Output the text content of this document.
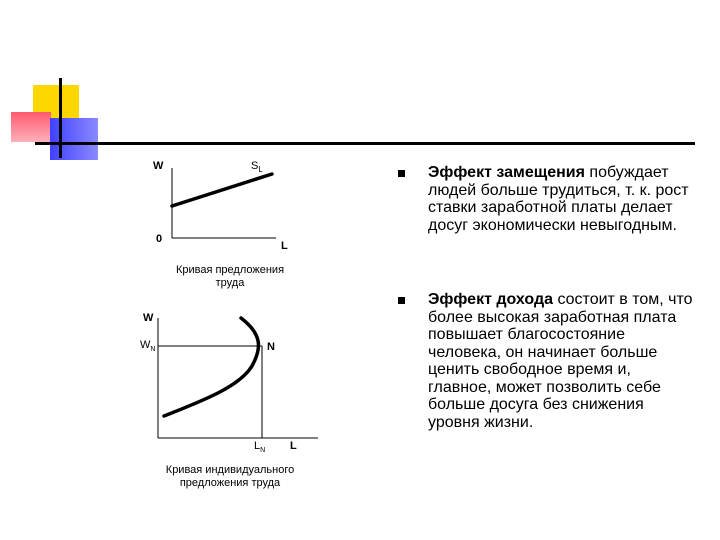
W	$S_L$
0
L
Кривая предложения
труда
W
$W_N$	N
$L_N$ L
Кривая индивидуального
предложения труда
Эффект замещения побуждает людей больше трудиться, т. к. рост ставки заработной платы делает досуг экономически невыгодным.
Эффект дохода состоит в том, что более высокая заработная плата повышает благосостояние человека, он начинает больше ценить свободное время и, главное, может позволить себе больше досуга без снижения уровня жизни.
